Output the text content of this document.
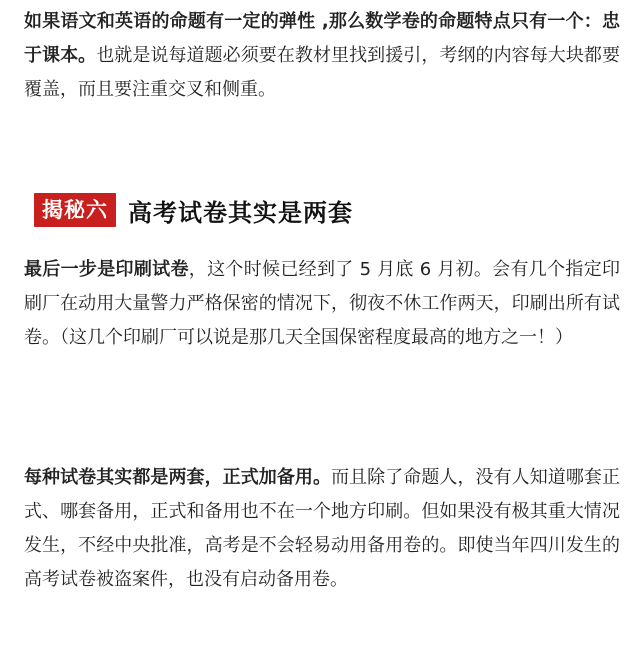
如果语文和英语的命题有一定的弹性 ,那么数学卷的命题特点只有一个：忠于课本。也就是说每道题必须要在教材里找到援引，考纲的内容每大块都要覆盖，而且要注重交叉和侧重。

揭秘六 高考试卷其实是两套

最后一步是印刷试卷，这个时候已经到了 5 月底 6 月初。会有几个指定印刷厂在动用大量警力严格保密的情况下，彻夜不休工作两天，印刷出所有试卷。（这几个印刷厂可以说是那几天全国保密程度最高的地方之一！）

每种试卷其实都是两套，正式加备用。而且除了命题人，没有人知道哪套正式、哪套备用，正式和备用也不在一个地方印刷。但如果没有极其重大情况发生，不经中央批准，高考是不会轻易动用备用卷的。即使当年四川发生的高考试卷被盗案件，也没有启动备用卷。
